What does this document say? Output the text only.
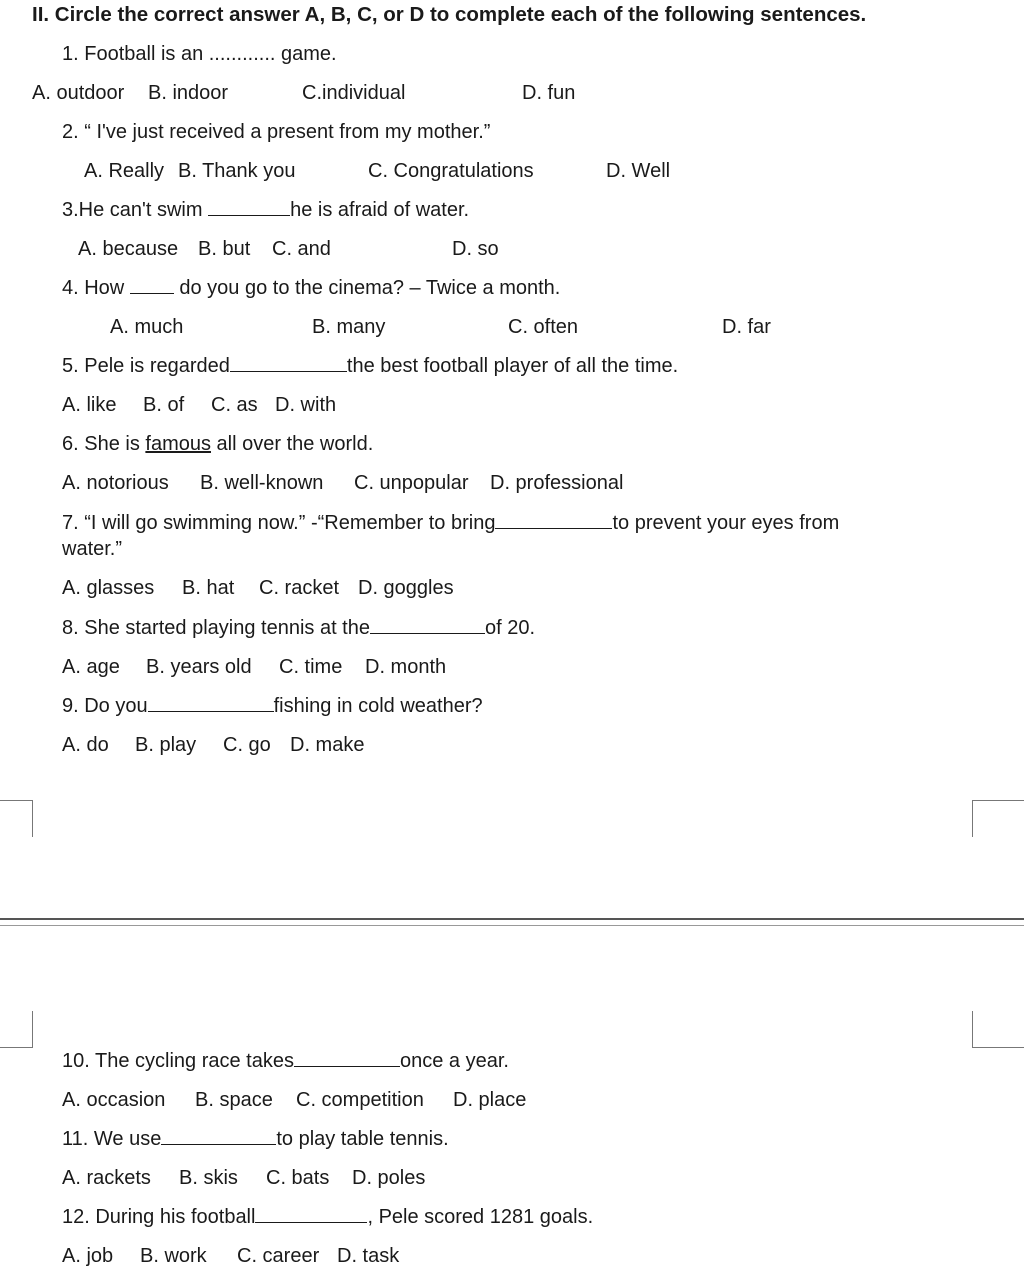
II. Circle the correct answer A, B, C, or D to complete each of the following sentences.
1. Football is an ............ game.
A. outdoor B. indoor	C.individual	D. fun
2. “ I've just received a present from my mother.”
A. Really B. Thank you	C. Congratulations	D. Well
3.He can't swim	he is afraid of water.
A. because B. but C. and	D. so
4. How  do you go to the cinema? – Twice a month.
A. much	B. many	C. often	D. far
5. Pele is regarded	the best football player of all the time.
A. like B. of C. as D. with
6. She is famous all over the world.
A. notorious B. well-known C. unpopular D. professional
7. “I will go swimming now.” -“Remember to bring	to prevent your eyes from
water.”
A. glasses B. hat C. racket D. goggles
8. She started playing tennis at the	of 20.
A. age B. years old C. time D. month
9. Do you	fishing in cold weather?
A. do B. play C. go D. make
10. The cycling race takes	once a year.
A. occasion B. space C. competition D. place
11. We use	to play table tennis.
A. rackets B. skis C. bats D. poles
12. During his football	, Pele scored 1281 goals.
A. job B. work C. career D. task
